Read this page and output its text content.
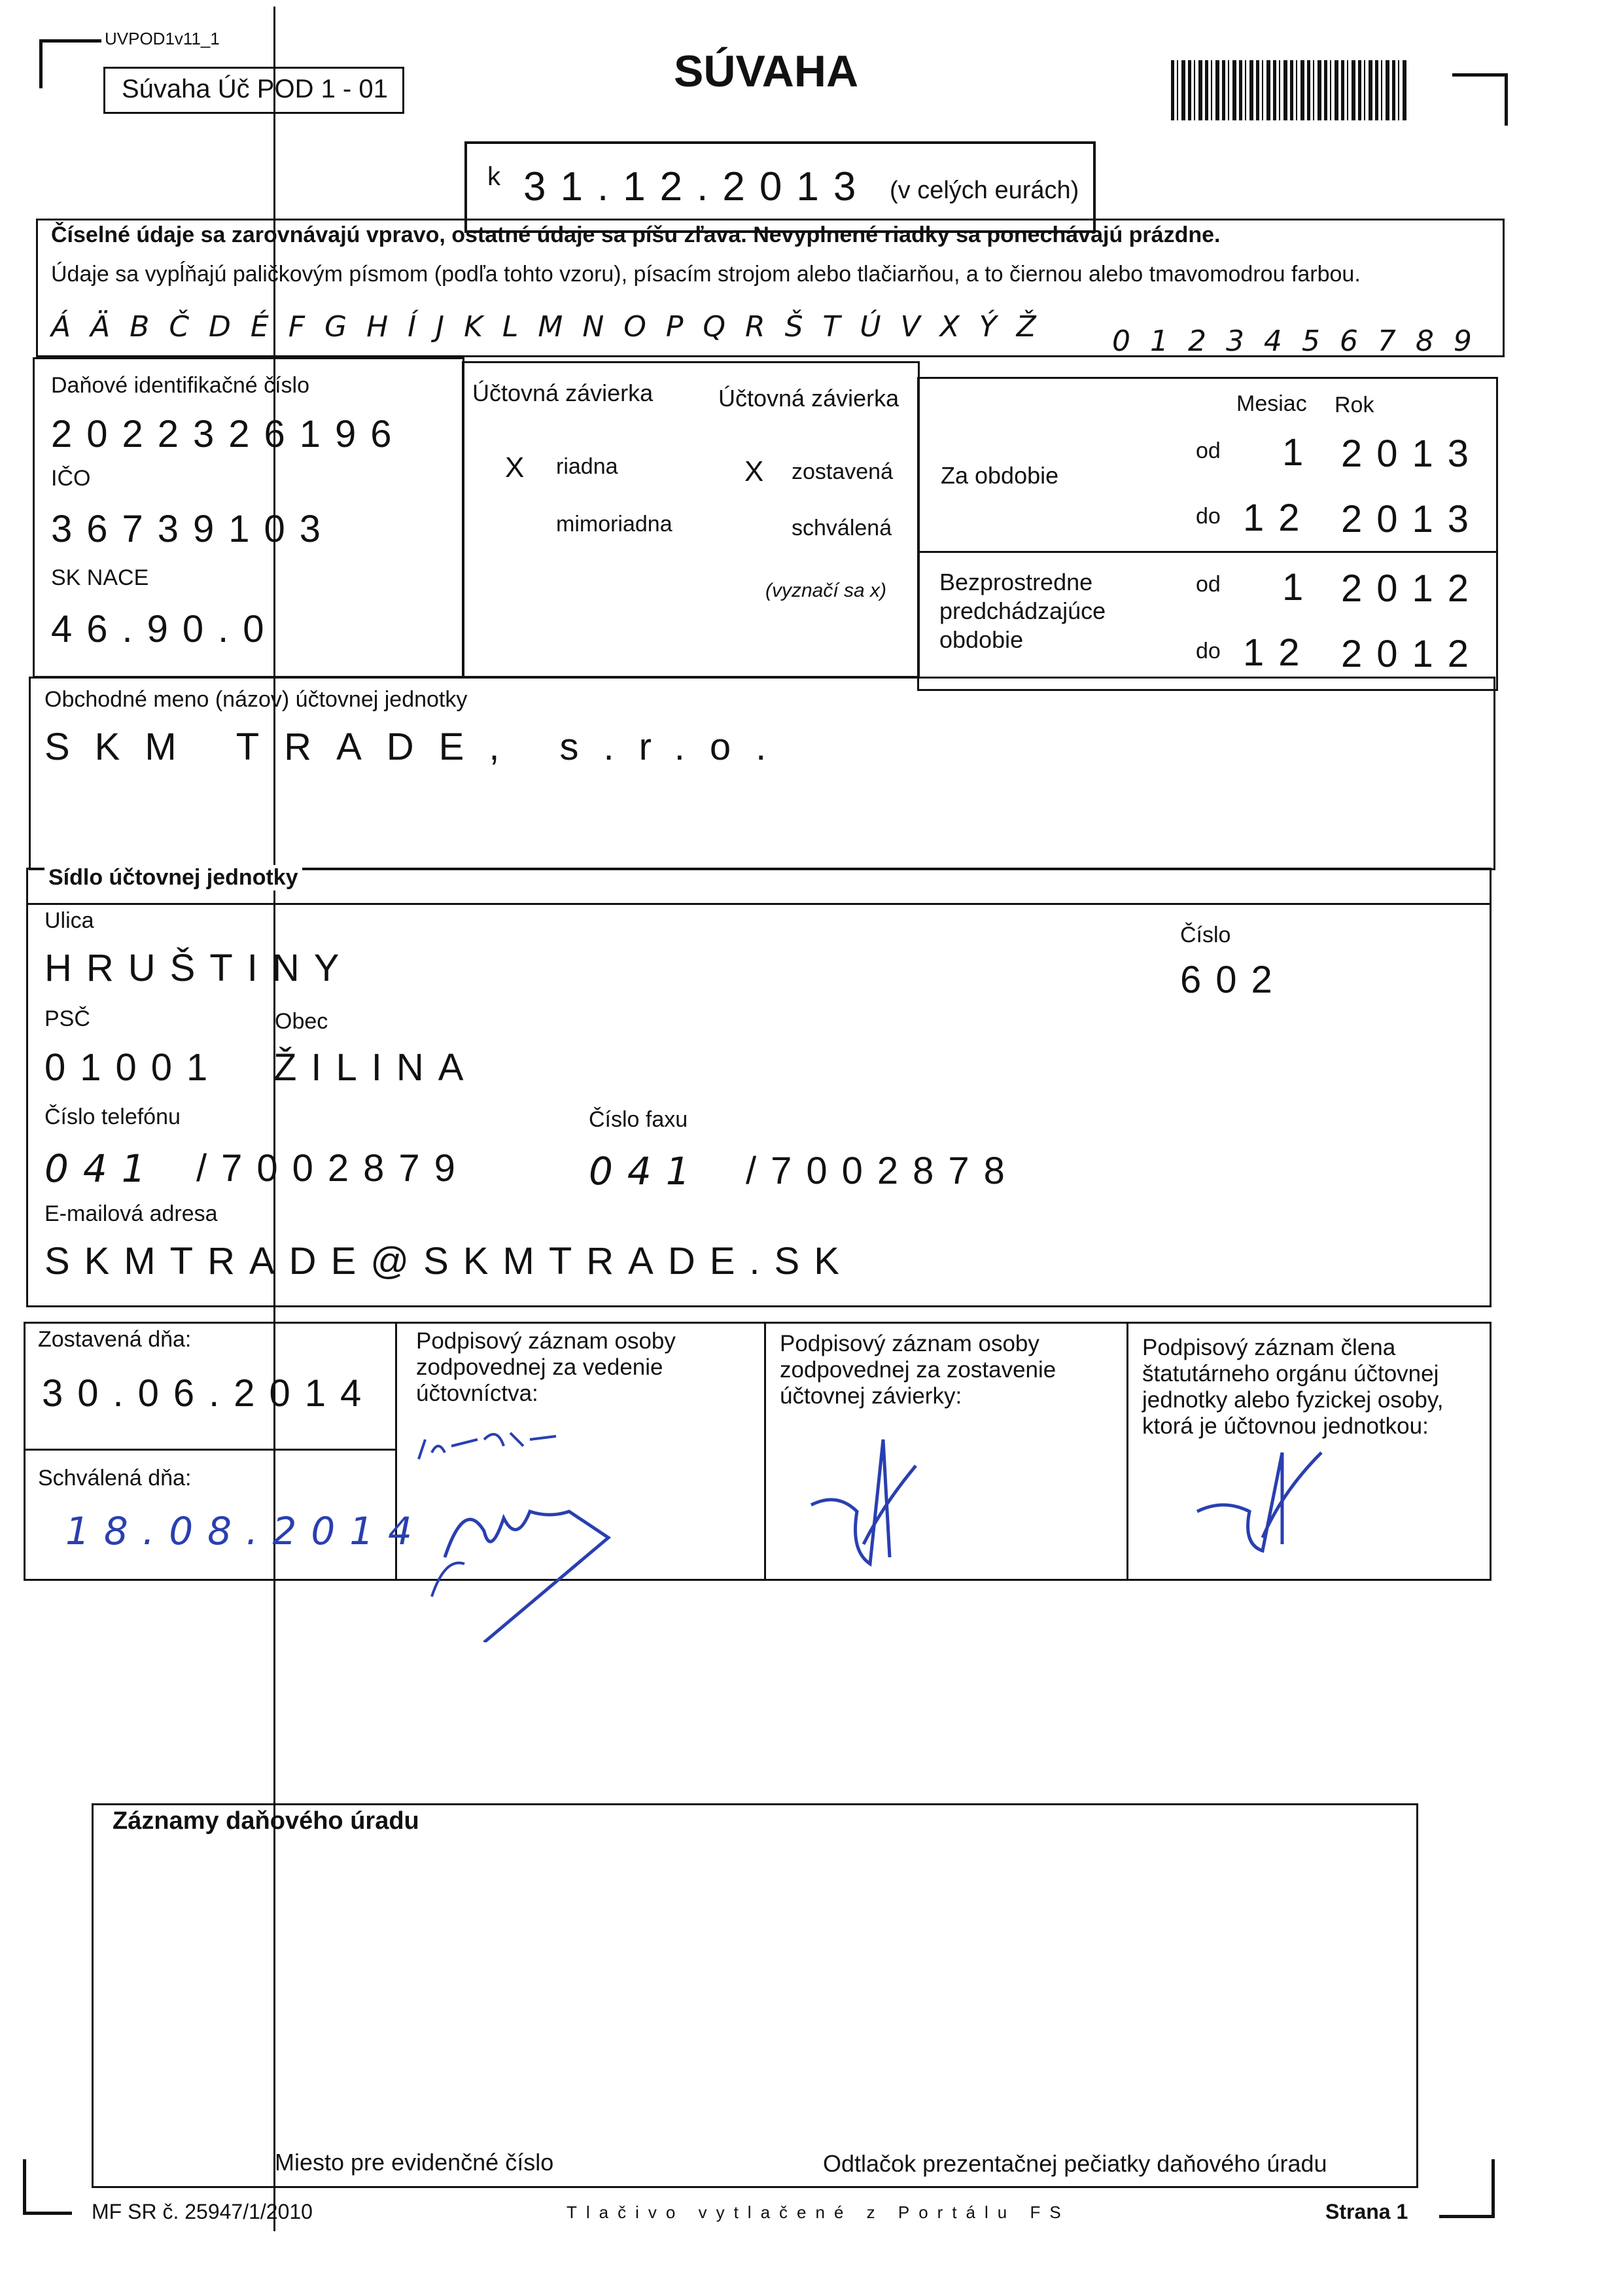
UVPOD1v11_1
Súvaha Úč POD 1 - 01	SÚVAHA
k 31.12.2013 (v celých eurách)
Číselné údaje sa zarovnávajú vpravo, ostatné údaje sa píšu zľava. Nevyplnené riadky sa ponechávajú prázdne.
Údaje sa vypĺňajú paličkovým písmom (podľa tohto vzoru), písacím strojom alebo tlačiarňou, a to čiernou alebo tmavomodrou farbou.
Á Ä B Č D É F G H Í J K L M N O P Q R Š T Ú V X Ý Ž 0 1 2 3 4 5 6 7 8 9
Daňové identifikačné číslo
2022326196
IČO
36739103
SK NACE
46.90.0
Účtovná závierka	Účtovná závierka
X riadna
mimoriadna
X zostavená
schválená
(vyznačí sa x)
Mesiac Rok
Za obdobie
od 1 2013
do 12 2013
Bezprostredne predchádzajúce obdobie
od 1 2012
do 12 2012
Obchodné meno (názov) účtovnej jednotky
SKM TRADE, s.r.o.
Sídlo účtovnej jednotky
Ulica
HRUŠTINY
Číslo
602
PSČ	Obec
01001 ŽILINA
Číslo telefónu	Číslo faxu
041 /7002879	041 /7002878
E-mailová adresa
SKMTRADE@SKMTRADE.SK
Zostavená dňa:
30.06.2014
Schválená dňa:
18.08.2014
Podpisový záznam osoby zodpovednej za vedenie účtovníctva:
Podpisový záznam osoby zodpovednej za zostavenie účtovnej závierky:
Podpisový záznam člena štatutárneho orgánu účtovnej jednotky alebo fyzickej osoby, ktorá je účtovnou jednotkou:
Záznamy daňového úradu
Miesto pre evidenčné číslo	Odtlačok prezentačnej pečiatky daňového úradu
MF SR č. 25947/1/2010	Tlačivo vytlačené z Portálu FS	Strana 1
